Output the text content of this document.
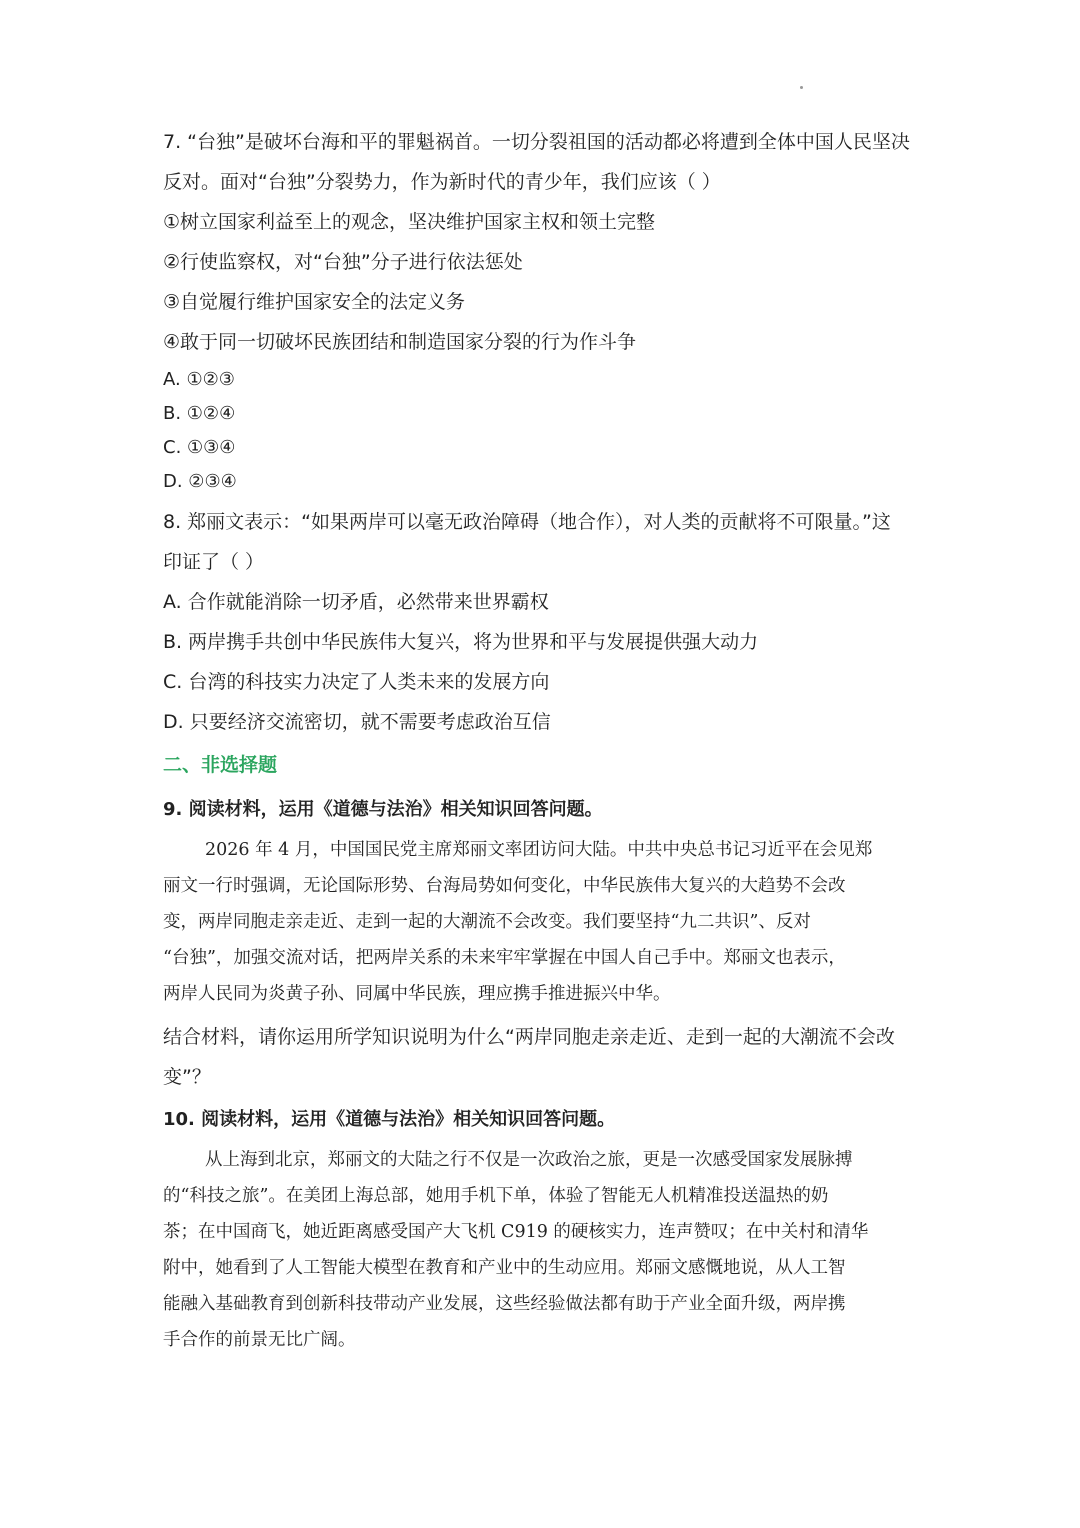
7. “台独”是破坏台海和平的罪魁祸首。一切分裂祖国的活动都必将遭到全体中国人民坚决
反对。面对“台独”分裂势力，作为新时代的青少年，我们应该（ ）
①树立国家利益至上的观念，坚决维护国家主权和领土完整
②行使监察权，对“台独”分子进行依法惩处
③自觉履行维护国家安全的法定义务
④敢于同一切破坏民族团结和制造国家分裂的行为作斗争
A. ①②③
B. ①②④
C. ①③④
D. ②③④
8. 郑丽文表示：“如果两岸可以毫无政治障碍（地合作），对人类的贡献将不可限量。”这
印证了（ ）
A. 合作就能消除一切矛盾，必然带来世界霸权
B. 两岸携手共创中华民族伟大复兴，将为世界和平与发展提供强大动力
C. 台湾的科技实力决定了人类未来的发展方向
D. 只要经济交流密切，就不需要考虑政治互信
二、非选择题
9. 阅读材料，运用《道德与法治》相关知识回答问题。
2026 年 4 月，中国国民党主席郑丽文率团访问大陆。中共中央总书记习近平在会见郑
丽文一行时强调，无论国际形势、台海局势如何变化，中华民族伟大复兴的大趋势不会改
变，两岸同胞走亲走近、走到一起的大潮流不会改变。我们要坚持“九二共识”、反对
“台独”，加强交流对话，把两岸关系的未来牢牢掌握在中国人自己手中。郑丽文也表示，
两岸人民同为炎黄子孙、同属中华民族，理应携手推进振兴中华。
结合材料，请你运用所学知识说明为什么“两岸同胞走亲走近、走到一起的大潮流不会改
变”？
10. 阅读材料，运用《道德与法治》相关知识回答问题。
从上海到北京，郑丽文的大陆之行不仅是一次政治之旅，更是一次感受国家发展脉搏
的“科技之旅”。在美团上海总部，她用手机下单，体验了智能无人机精准投送温热的奶
茶；在中国商飞，她近距离感受国产大飞机 C919 的硬核实力，连声赞叹；在中关村和清华
附中，她看到了人工智能大模型在教育和产业中的生动应用。郑丽文感慨地说，从人工智
能融入基础教育到创新科技带动产业发展，这些经验做法都有助于产业全面升级，两岸携
手合作的前景无比广阔。
